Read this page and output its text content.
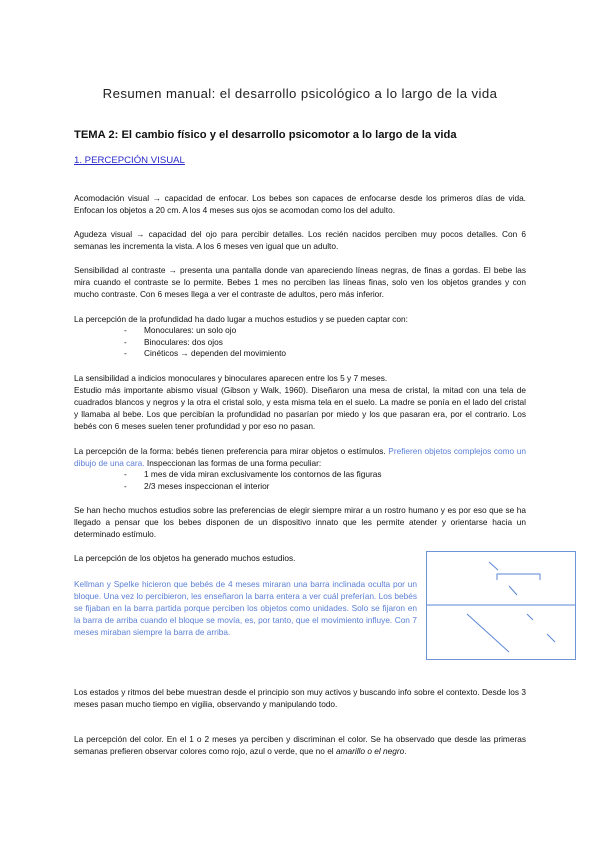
Resumen manual: el desarrollo psicológico a lo largo de la vida
TEMA 2: El cambio físico y el desarrollo psicomotor a lo largo de la vida
1. PERCEPCIÓN VISUAL
Acomodación visual → capacidad de enfocar. Los bebes son capaces de enfocarse desde los primeros días de vida. Enfocan los objetos a 20 cm. A los 4 meses sus ojos se acomodan como los del adulto.
Agudeza visual → capacidad del ojo para percibir detalles. Los recién nacidos perciben muy pocos detalles. Con 6 semanas les incrementa la vista. A los 6 meses ven igual que un adulto.
Sensibilidad al contraste → presenta una pantalla donde van apareciendo líneas negras, de finas a gordas. El bebe las mira cuando el contraste se lo permite. Bebes 1 mes no perciben las líneas finas, solo ven los objetos grandes y con mucho contraste. Con 6 meses llega a ver el contraste de adultos, pero más inferior.
La percepción de la profundidad ha dado lugar a muchos estudios y se pueden captar con:
- Monoculares: un solo ojo
- Binoculares: dos ojos
- Cinéticos → dependen del movimiento
La sensibilidad a indicios monoculares y binoculares aparecen entre los 5 y 7 meses.
Estudio más importante abismo visual (Gibson y Walk, 1960). Diseñaron una mesa de cristal, la mitad con una tela de cuadrados blancos y negros y la otra el cristal solo, y esta misma tela en el suelo. La madre se ponía en el lado del cristal y llamaba al bebe. Los que percibían la profundidad no pasarían por miedo y los que pasaran era, por el contrario. Los bebés con 6 meses suelen tener profundidad y por eso no pasan.
La percepción de la forma: bebés tienen preferencia para mirar objetos o estímulos. Prefieren objetos complejos como un dibujo de una cara. Inspeccionan las formas de una forma peculiar:
- 1 mes de vida miran exclusivamente los contornos de las figuras
- 2/3 meses inspeccionan el interior
Se han hecho muchos estudios sobre las preferencias de elegir siempre mirar a un rostro humano y es por eso que se ha llegado a pensar que los bebes disponen de un dispositivo innato que les permite atender y orientarse hacia un determinado estímulo.
La percepción de los objetos ha generado muchos estudios.
Kellman y Spelke hicieron que bebés de 4 meses miraran una barra inclinada oculta por un bloque. Una vez lo percibieron, les enseñaron la barra entera a ver cuál preferían. Los bebés se fijaban en la barra partida porque perciben los objetos como unidades. Solo se fijaron en la barra de arriba cuando el bloque se movía, es, por tanto, que el movimiento influye. Con 7 meses miraban siempre la barra de arriba.
Los estados y ritmos del bebe muestran desde el principio son muy activos y buscando info sobre el contexto. Desde los 3 meses pasan mucho tiempo en vigilia, observando y manipulando todo.
La percepción del color. En el 1 o 2 meses ya perciben y discriminan el color. Se ha observado que desde las primeras semanas prefieren observar colores como rojo, azul o verde, que no el amarillo o el negro.
